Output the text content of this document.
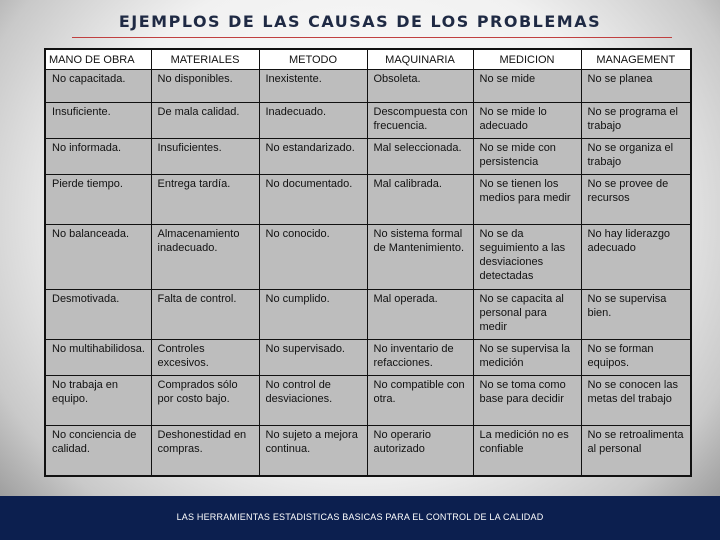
EJEMPLOS DE LAS CAUSAS DE LOS PROBLEMAS
MANO DE OBRA	MATERIALES	METODO	MAQUINARIA	MEDICION	MANAGEMENT
No capacitada.	No disponibles.	Inexistente.	Obsoleta.	No se mide	No se planea
Insuficiente.	De mala calidad.	Inadecuado.	Descompuesta con frecuencia.	No se mide lo adecuado	No se programa el trabajo
No informada.	Insuficientes.	No estandarizado.	Mal seleccionada.	No se mide con persistencia	No se organiza el trabajo
Pierde tiempo.	Entrega tardía.	No documentado.	Mal calibrada.	No se tienen los medios para medir	No se provee de recursos
No balanceada.	Almacenamiento inadecuado.	No conocido.	No sistema formal de Mantenimiento.	No se da seguimiento a las desviaciones detectadas	No hay liderazgo adecuado
Desmotivada.	Falta de control.	No cumplido.	Mal operada.	No se capacita al personal para medir	No se supervisa bien.
No multihabilidosa.	Controles excesivos.	No supervisado.	No inventario de refacciones.	No se supervisa la medición	No se forman equipos.
No trabaja en equipo.	Comprados sólo por costo bajo.	No control de desviaciones.	No compatible con otra.	No se toma como base para decidir	No se conocen las metas del trabajo
No conciencia de calidad.	Deshonestidad en compras.	No sujeto a mejora continua.	No operario autorizado	La medición no es confiable	No se retroalimenta al personal
LAS HERRAMIENTAS ESTADISTICAS BASICAS PARA EL CONTROL DE LA CALIDAD
